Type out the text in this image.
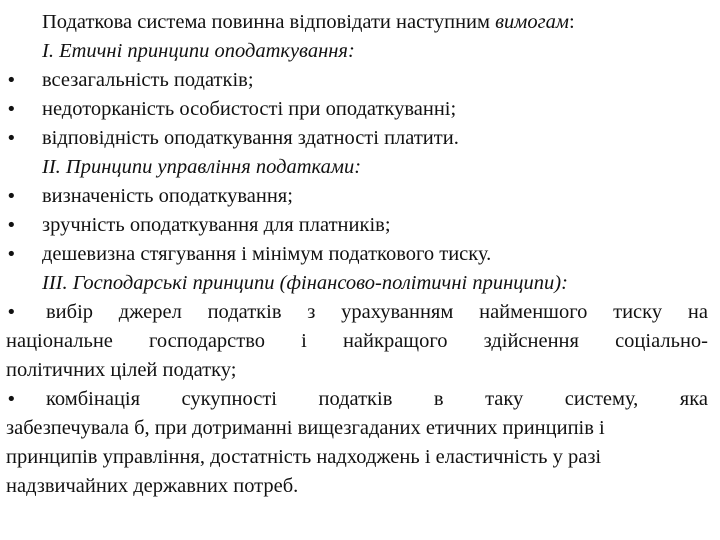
Податкова система повинна відповідати наступним вимогам:
І. Етичні принципи оподаткування:
• всезагальність податків;
• недоторканість особистості при оподаткуванні;
• відповідність оподаткування здатності платити.
ІІ. Принципи управління податками:
• визначеність оподаткування;
• зручність оподаткування для платників;
• дешевизна стягування і мінімум податкового тиску.
ІІІ. Господарські принципи (фінансово-політичні принципи):
• вибір джерел податків з урахуванням найменшого тиску на
національне господарство і найкращого здійснення соціально-
політичних цілей податку;
• комбінація сукупності податків в таку систему, яка
забезпечувала б, при дотриманні вищезгаданих етичних принципів і
принципів управління, достатність надходжень і еластичність у разі
надзвичайних державних потреб.
